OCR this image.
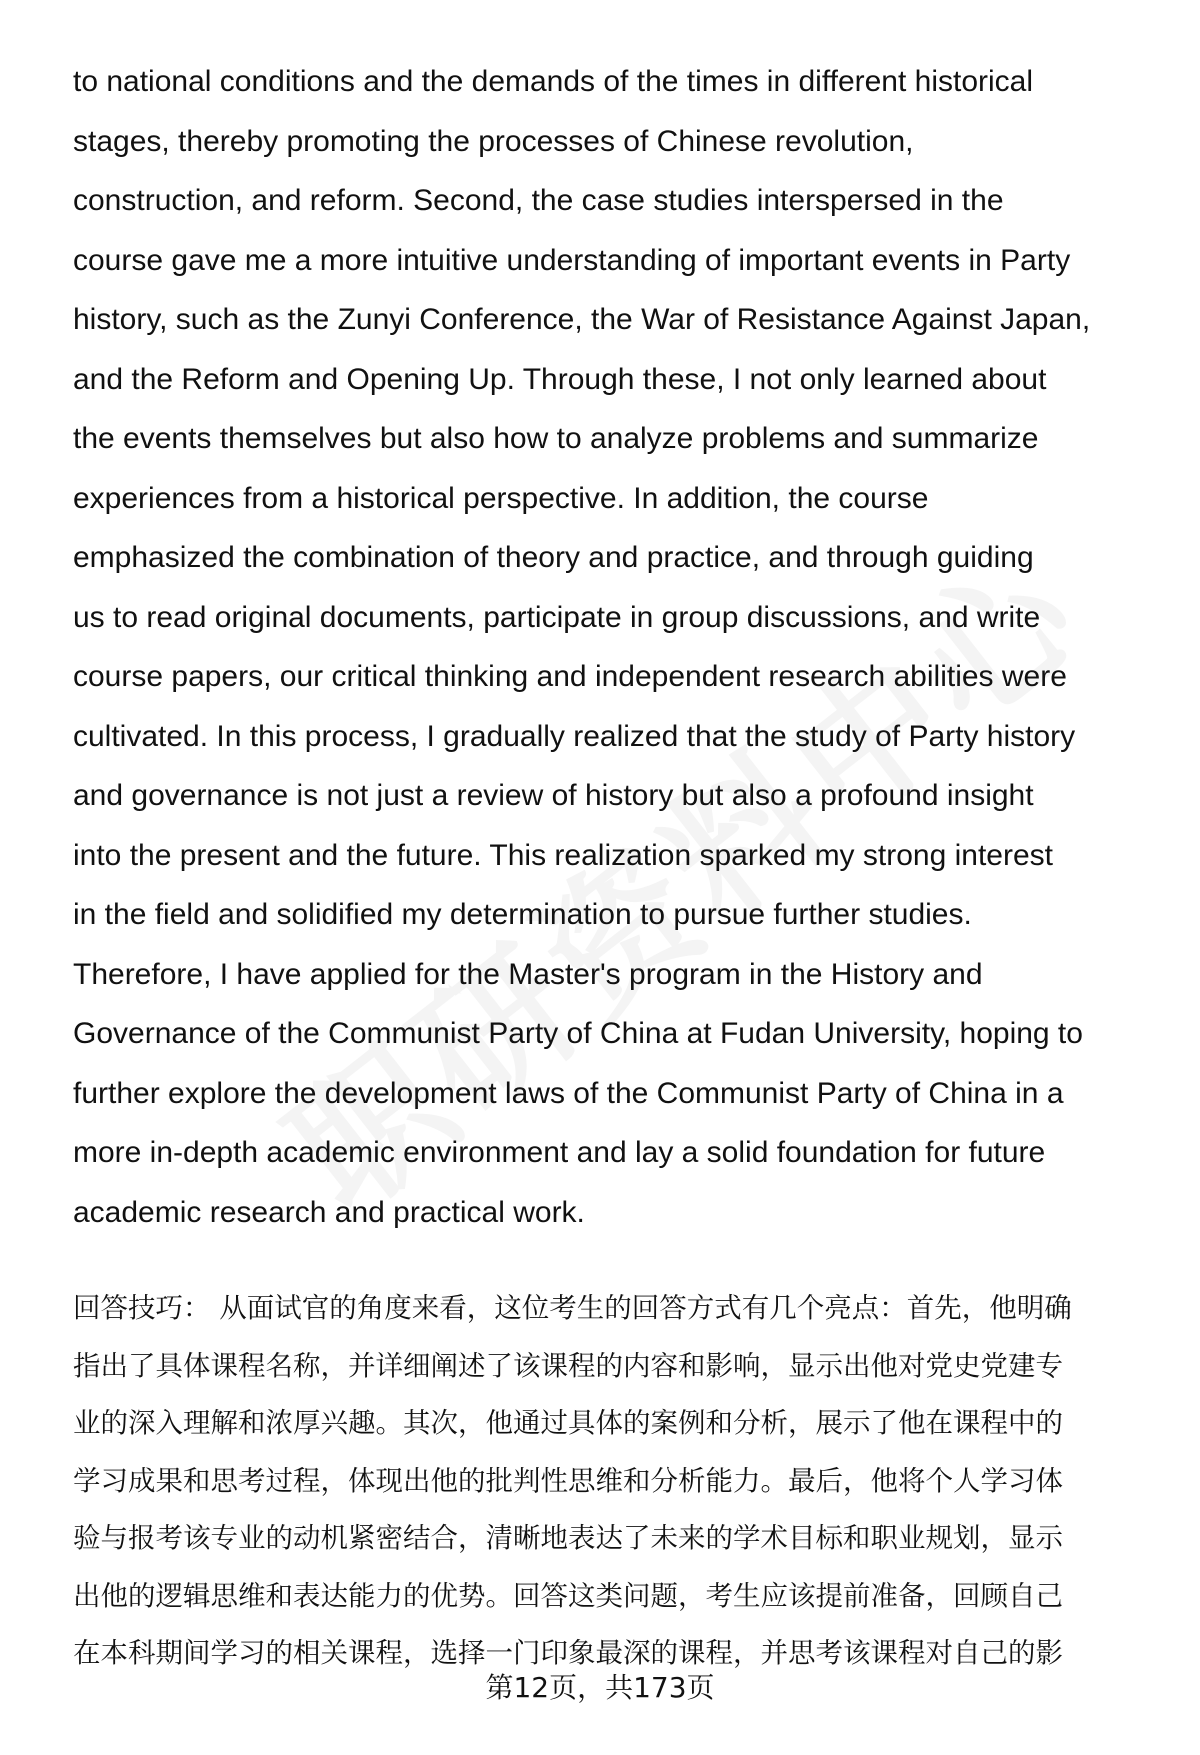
to national conditions and the demands of the times in different historical
stages, thereby promoting the processes of Chinese revolution,
construction, and reform. Second, the case studies interspersed in the
course gave me a more intuitive understanding of important events in Party
history, such as the Zunyi Conference, the War of Resistance Against Japan,
and the Reform and Opening Up. Through these, I not only learned about
the events themselves but also how to analyze problems and summarize
experiences from a historical perspective. In addition, the course
emphasized the combination of theory and practice, and through guiding
us to read original documents, participate in group discussions, and write
course papers, our critical thinking and independent research abilities were
cultivated. In this process, I gradually realized that the study of Party history
and governance is not just a review of history but also a profound insight
into the present and the future. This realization sparked my strong interest
in the field and solidified my determination to pursue further studies.
Therefore, I have applied for the Master's program in the History and
Governance of the Communist Party of China at Fudan University, hoping to
further explore the development laws of the Communist Party of China in a
more in-depth academic environment and lay a solid foundation for future
academic research and practical work.
回答技巧： 从面试官的角度来看，这位考生的回答方式有几个亮点：首先，他明确
指出了具体课程名称，并详细阐述了该课程的内容和影响，显示出他对党史党建专
业的深入理解和浓厚兴趣。其次，他通过具体的案例和分析，展示了他在课程中的
学习成果和思考过程，体现出他的批判性思维和分析能力。最后，他将个人学习体
验与报考该专业的动机紧密结合，清晰地表达了未来的学术目标和职业规划，显示
出他的逻辑思维和表达能力的优势。回答这类问题，考生应该提前准备，回顾自己
在本科期间学习的相关课程，选择一门印象最深的课程，并思考该课程对自己的影
第12页，共173页
